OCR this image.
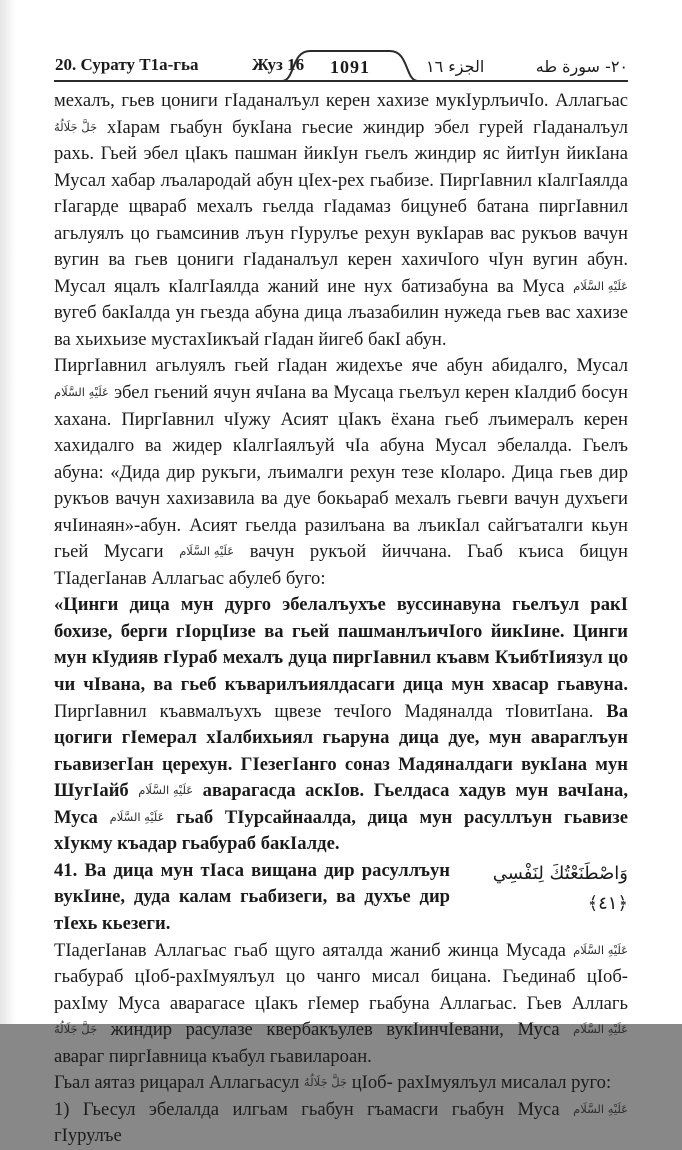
20. Сурату Т1а-гьа	Жуз 16	1091	الجزء ١٦	٢٠- سورة طه

мехалъ, гьев цониги гIаданалъул керен хахизе мукIурлъичIо. Аллагьас جَلَّ جَلَالُهُ хIарам гьабун букIана гьесие жиндир эбел гурей гIаданалъул рахь. Гьей эбел цIакъ пашман йикIун гьелъ жиндир яс йитIун йикIана Мусал хабар лъалародай абун цIех-рех гьабизе. ПиргIавнил кIалгIаялда гIагарде щвараб мехалъ гьелда гIадамаз бицунеб батана пиргIавнил агьлуялъ цо гьамсинив лъун гIурулъе рехун вукIарав вас рукъов вачун вугин ва гьев цониги гIаданалъул керен хахичIого чIун вугин абун. Мусал яцалъ кIалгIаялда жаний ине нух батизабуна ва Муса عَلَيْهِ السَّلَام вугеб бакIалда ун гьезда абуна дица лъазабилин нужеда гьев вас хахизе ва хьихьизе мустахIикъай гIадан йигеб бакI абун.

ПиргIавнил агьлуялъ гьей гIадан жидехъе яче абун абидалго, Мусал عَلَيْهِ السَّلَام эбел гьений ячун ячIана ва Мусаца гьелъул керен кIалдиб босун хахана. ПиргIавнил чIужу Асият цIакъ ёхана гьеб лъимералъ керен хахидалго ва жидер кIалгIаялъуй чIа абуна Мусал эбелалда. Гьелъ абуна: «Дида дир рукъги, лъималги рехун тезе кIоларо. Дица гьев дир рукъов вачун хахизавила ва дуе бокьараб мехалъ гьевги вачун духъеги ячIинаян»-абун. Асият гьелда разилъана ва лъикIал сайгъаталги кьун гьей Мусаги عَلَيْهِ السَّلَام вачун рукъой йиччана. Гьаб къиса бицун ТIадегIанав Аллагьас абулеб буго:

«Цинги дица мун дурго эбелалъухъе вуссинавуна гьелъул ракI бохизе, берги гIорцIизе ва гьей пашманлъичIого йикIине. Цинги мун кIудияв гIураб мехалъ дуца пиргIавнил къавм КъибтIиязул цо чи чIвана, ва гьеб къварилъиялдасаги дица мун хвасар гьавуна. ПиргIавнил къавмалъухъ щвезе течIого Мадяналда тIовитIана. Ва цогиги гIемерал хIалбихьиял гьаруна дица дуе, мун авараглъун гьавизегIан церехун. ГIезегIанго соназ Мадяналдаги вукIана мун ШугIайб عَلَيْهِ السَّلَام аварагасда аскIов. Гьелдаса хадув мун вачIана, Муса عَلَيْهِ السَّلَام гьаб ТIурсайнаалда, дица мун расуллъун гьавизе хIукму къадар гьабураб бакIалде.

وَاصْطَنَعْتُكَ لِنَفْسِي ﴿٤١﴾
41. Ва дица мун тIаса вищана дир расуллъун вукIине, дуда калам гьабизеги, ва духъе дир тIехь кьезеги.

ТIадегIанав Аллагьас гьаб щуго аяталда жаниб жинца Мусада عَلَيْهِ السَّلَام гьабураб цIоб-рахIмуялъул цо чанго мисал бицана. Гьединаб цIоб-рахIму Муса аварагасе цIакъ гIемер гьабуна Аллагьас. Гьев Аллагь جَلَّ جَلَالُهُ жиндир расулазе квербакъулев вукIинчIевани, Муса عَلَيْهِ السَّلَام авараг пиргIавница къабул гьавилароан.

Гьал аятаз рицарал Аллагьасул جَلَّ جَلَالُهُ цIоб- рахIмуялъул мисалал руго:

1) Гьесул эбелалда илгьам гьабун гъамасги гьабун Муса عَلَيْهِ السَّلَام гIурулъе
